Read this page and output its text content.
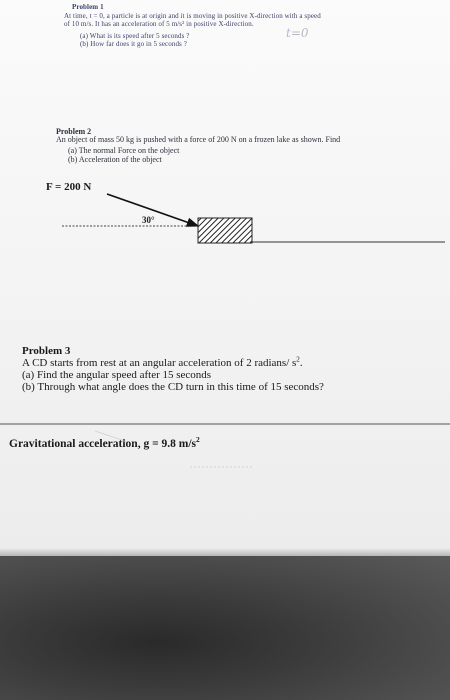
Problem 1
At time, t = 0, a particle is at origin and it is moving in positive X-direction with a speed
of 10 m/s. It has an acceleration of 5 m/s² in positive X-direction.
(a) What is its speed after 5 seconds ?
(b) How far does it go in 5 seconds ?
t=0
Problem 2
An object of mass 50 kg is pushed with a force of 200 N on a frozen lake as shown. Find
(a) The normal Force on the object
(b) Acceleration of the object
F = 200 N
30°
Problem 3
A CD starts from rest at an angular acceleration of 2 radians/ $s^2$.
(a) Find the angular speed after 15 seconds
(b) Through what angle does the CD turn in this time of 15 seconds?
Gravitational acceleration, g = 9.8 $m/s^2$
